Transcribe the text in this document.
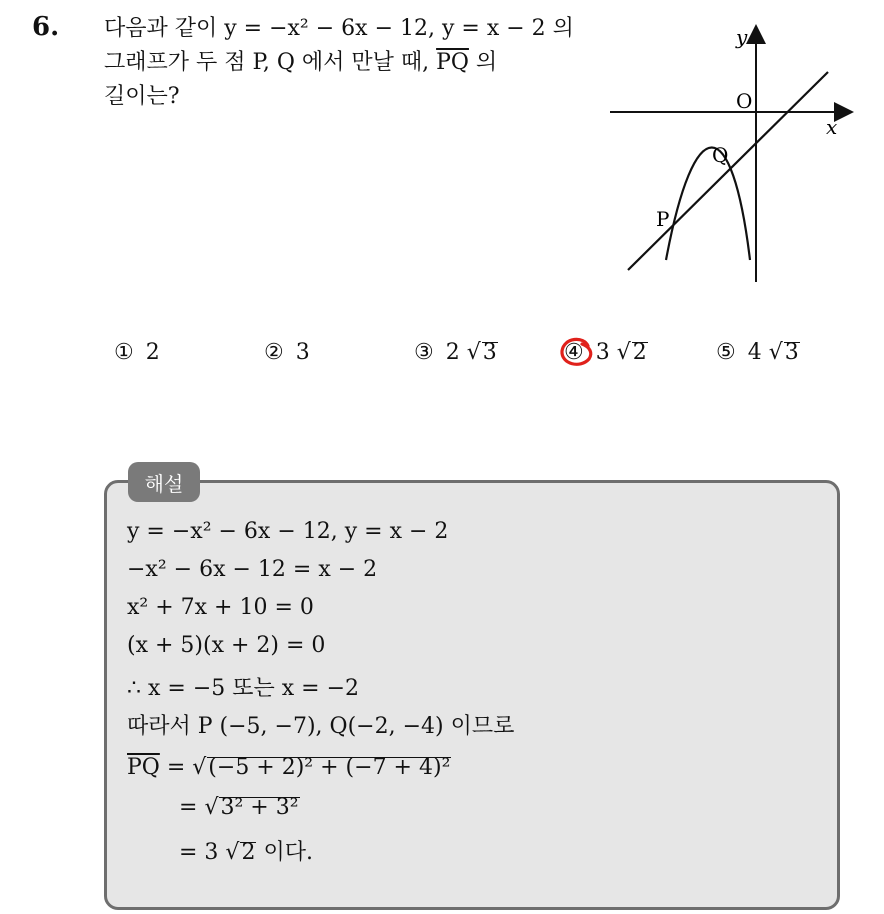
6. 다음과 같이 y = −x² − 6x − 12, y = x − 2 의
그래프가 두 점 P, Q 에서 만날 때, $\overline{PQ}$ 의
길이는?
y
x
O
Q
P
① 2	② 3	③ 2 √3	④ 3 √2	⑤ 4 √3
y = −x² − 6x − 12, y = x − 2
−x² − 6x − 12 = x − 2
x² + 7x + 10 = 0
(x + 5)(x + 2) = 0
∴ x = −5 또는 x = −2
따라서 P (−5, −7), Q(−2, −4) 이므로
$\overline{PQ} = √(-5 + 2)^2 + (-7 + 4)^2$
= √3² + 3²
= 3 √2 이다.
해설
